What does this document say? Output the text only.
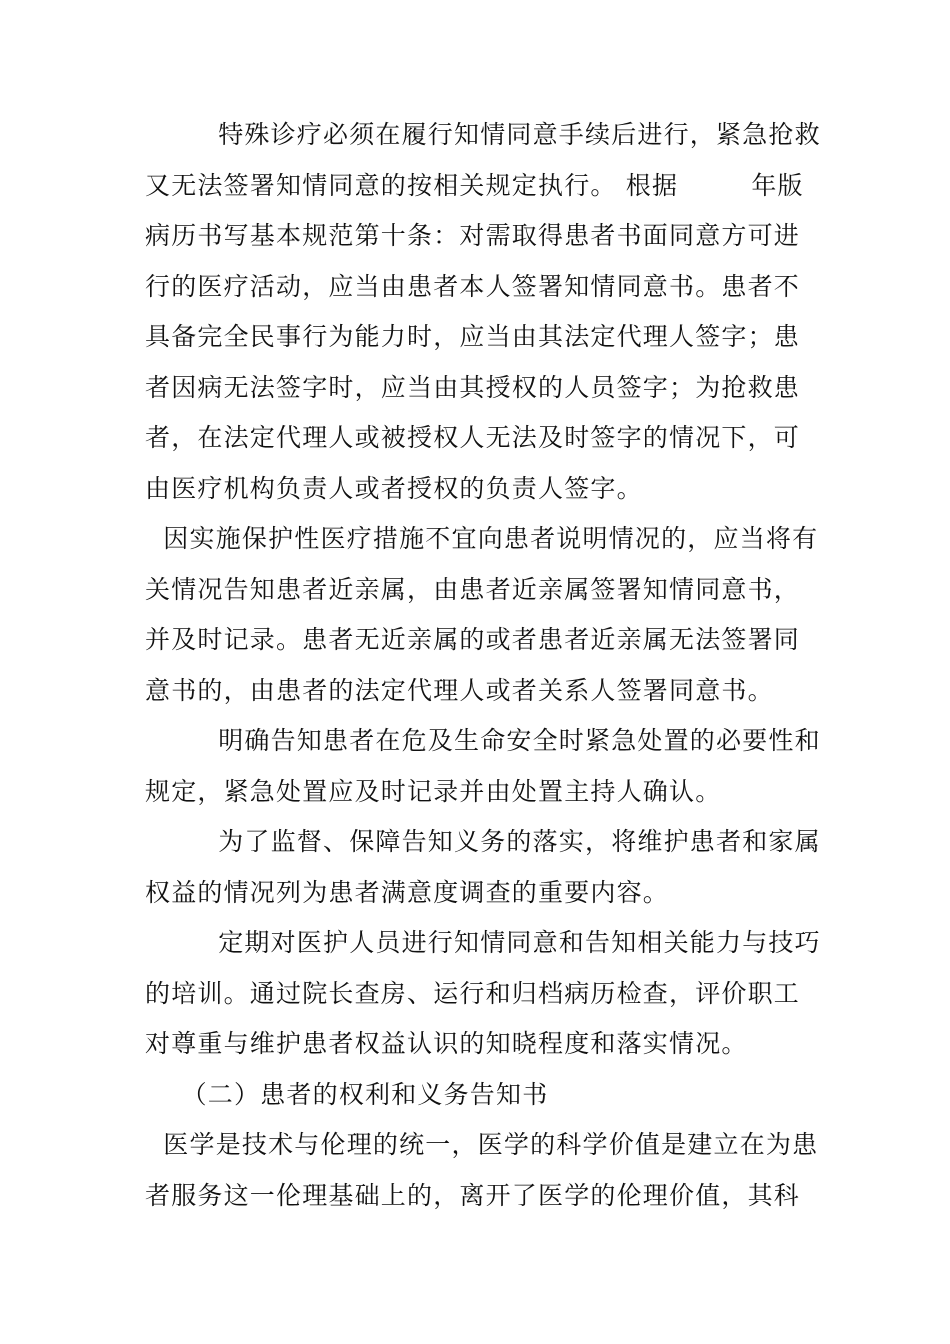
特殊诊疗必须在履行知情同意手续后进行，紧急抢救又无法签署知情同意的按相关规定执行。 根据        年版病历书写基本规范第十条：对需取得患者书面同意方可进行的医疗活动，应当由患者本人签署知情同意书。患者不具备完全民事行为能力时，应当由其法定代理人签字；患者因病无法签字时，应当由其授权的人员签字；为抢救患者，在法定代理人或被授权人无法及时签字的情况下，可由医疗机构负责人或者授权的负责人签字。

因实施保护性医疗措施不宜向患者说明情况的，应当将有关情况告知患者近亲属，由患者近亲属签署知情同意书，并及时记录。患者无近亲属的或者患者近亲属无法签署同意书的，由患者的法定代理人或者关系人签署同意书。

明确告知患者在危及生命安全时紧急处置的必要性和规定，紧急处置应及时记录并由处置主持人确认。

为了监督、保障告知义务的落实，将维护患者和家属权益的情况列为患者满意度调查的重要内容。

定期对医护人员进行知情同意和告知相关能力与技巧的培训。通过院长查房、运行和归档病历检查，评价职工对尊重与维护患者权益认识的知晓程度和落实情况。

（二）患者的权利和义务告知书

医学是技术与伦理的统一，医学的科学价值是建立在为患者服务这一伦理基础上的，离开了医学的伦理价值，其科
